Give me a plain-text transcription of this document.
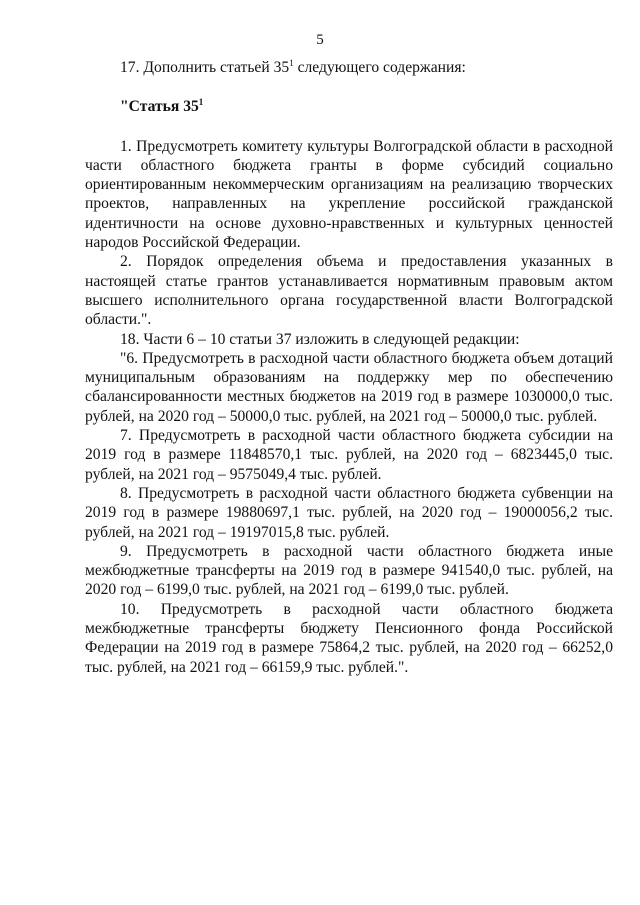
5

17. Дополнить статьей $35^1$ следующего содержания:

"Статья $35^1$

1. Предусмотреть комитету культуры Волгоградской области в расходной части областного бюджета гранты в форме субсидий социально ориентированным некоммерческим организациям на реализацию творческих проектов, направленных на укрепление российской гражданской идентичности на основе духовно-нравственных и культурных ценностей народов Российской Федерации.

2. Порядок определения объема и предоставления указанных в настоящей статье грантов устанавливается нормативным правовым актом высшего исполнительного органа государственной власти Волгоградской области.".

18. Части 6 – 10 статьи 37 изложить в следующей редакции:

"6. Предусмотреть в расходной части областного бюджета объем дотаций муниципальным образованиям на поддержку мер по обеспечению сбалансированности местных бюджетов на 2019 год в размере 1030000,0 тыс. рублей, на 2020 год – 50000,0 тыс. рублей, на 2021 год – 50000,0 тыс. рублей.

7. Предусмотреть в расходной части областного бюджета субсидии на 2019 год в размере 11848570,1 тыс. рублей, на 2020 год – 6823445,0 тыс. рублей, на 2021 год – 9575049,4 тыс. рублей.

8. Предусмотреть в расходной части областного бюджета субвенции на 2019 год в размере 19880697,1 тыс. рублей, на 2020 год – 19000056,2 тыс. рублей, на 2021 год – 19197015,8 тыс. рублей.

9. Предусмотреть в расходной части областного бюджета иные межбюджетные трансферты на 2019 год в размере 941540,0 тыс. рублей, на 2020 год – 6199,0 тыс. рублей, на 2021 год – 6199,0 тыс. рублей.

10. Предусмотреть в расходной части областного бюджета межбюджетные трансферты бюджету Пенсионного фонда Российской Федерации на 2019 год в размере 75864,2 тыс. рублей, на 2020 год – 66252,0 тыс. рублей, на 2021 год – 66159,9 тыс. рублей.".
